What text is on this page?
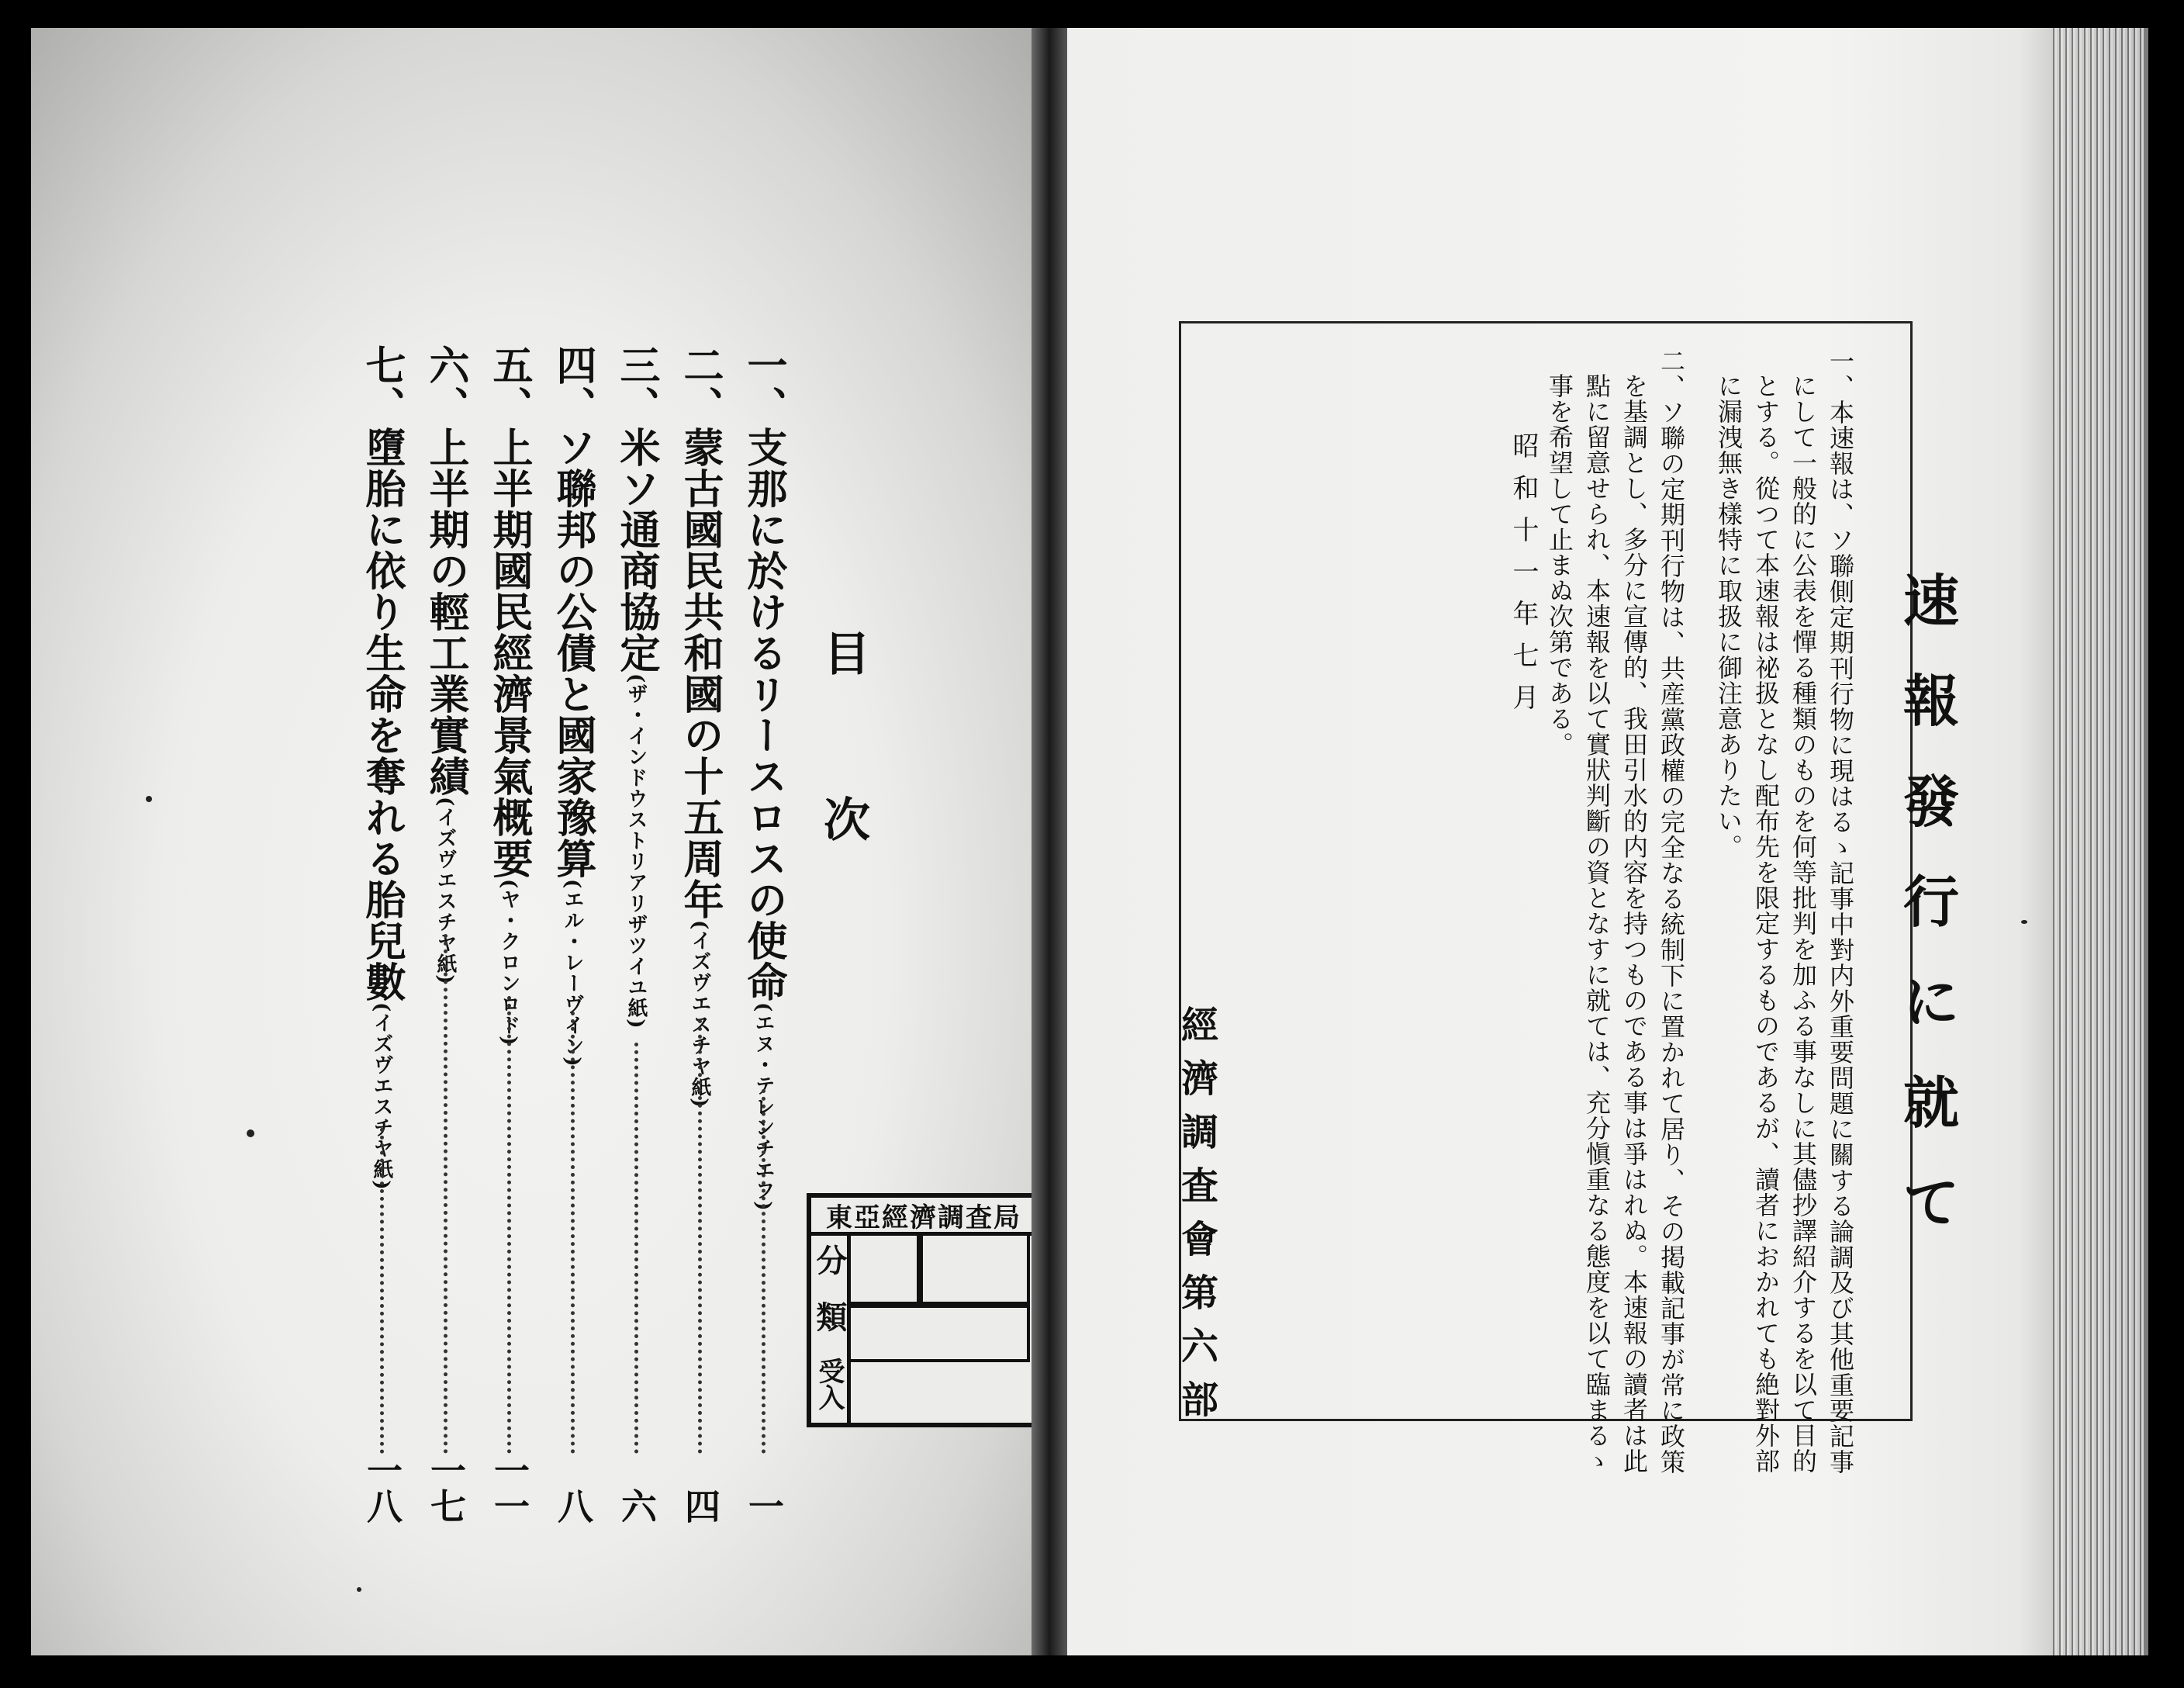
目
次
一、支那に於けるリースロスの使命(エヌ・テレンチエフ)
一
二、蒙古國民共和國の十五周年(イズヴエスチヤ紙)
四
三、米ソ通商協定(ザ・インドウストリアリザツイユ紙)
六
四、ソ聯邦の公債と國家豫算(エル・レーヴイン)
八
五、上半期國民經濟景氣概要(ヤ・クロンロド)
一一
六、上半期の輕工業實績(イズヴエスチヤ紙)
一七
七、墮胎に依り生命を奪れる胎兒數(イズヴエスチヤ紙)
一八
東亞經濟調査局
分
類
受入
速
報
發
行
に
就
て
一、本速報は、ソ聯側定期刊行物に現はるゝ記事中對内外重要問題に關する論調及び其他重要記事
にして一般的に公表を憚る種類のものを何等批判を加ふる事なしに其儘抄譯紹介するを以て目的
とする。從つて本速報は祕扱となし配布先を限定するものであるが、讀者におかれても絶對外部
に漏洩無き樣特に取扱に御注意ありたい。
二、ソ聯の定期刊行物は、共産黨政權の完全なる統制下に置かれて居り、その掲載記事が常に政策
を基調とし、多分に宣傳的、我田引水的内容を持つものである事は爭はれぬ。本速報の讀者は此
點に留意せられ、本速報を以て實狀判斷の資となすに就ては、充分愼重なる態度を以て臨まるゝ
事を希望して止まぬ次第である。
昭和十一年七月
經
濟
調
査
會
第
六
部
